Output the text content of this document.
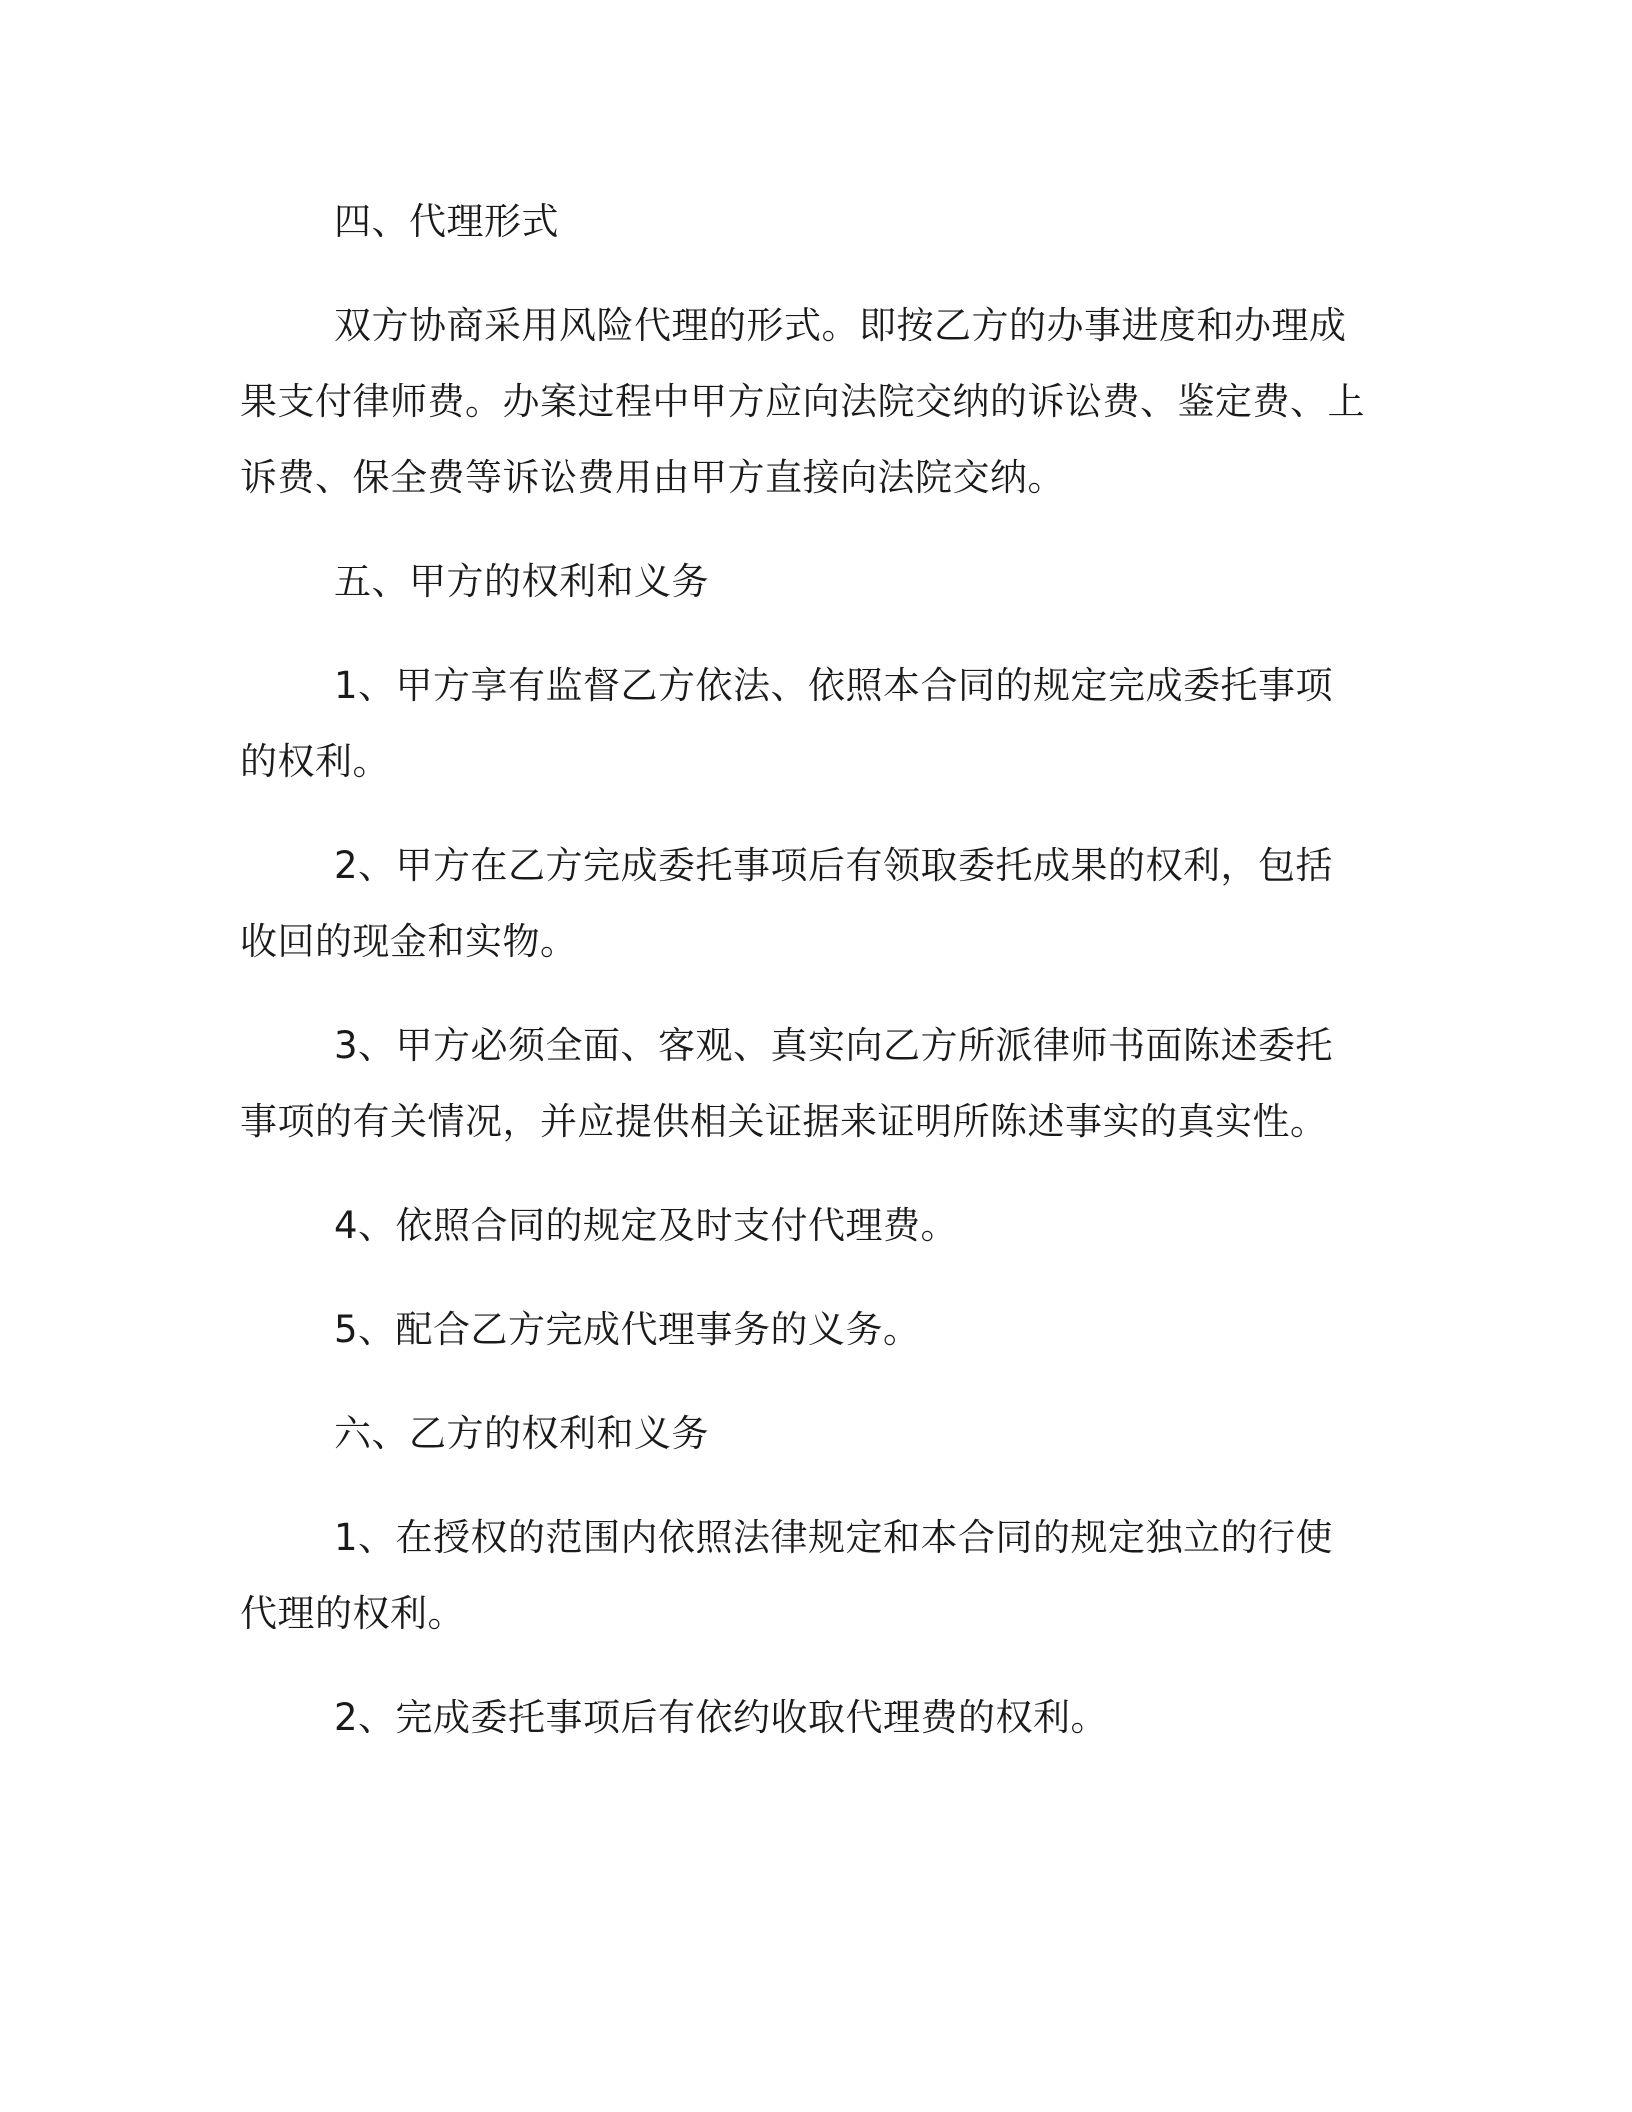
四、代理形式

双方协商采用风险代理的形式。即按乙方的办事进度和办理成果支付律师费。办案过程中甲方应向法院交纳的诉讼费、鉴定费、上诉费、保全费等诉讼费用由甲方直接向法院交纳。

五、甲方的权利和义务

1、甲方享有监督乙方依法、依照本合同的规定完成委托事项的权利。

2、甲方在乙方完成委托事项后有领取委托成果的权利，包括收回的现金和实物。

3、甲方必须全面、客观、真实向乙方所派律师书面陈述委托事项的有关情况，并应提供相关证据来证明所陈述事实的真实性。

4、依照合同的规定及时支付代理费。

5、配合乙方完成代理事务的义务。

六、乙方的权利和义务

1、在授权的范围内依照法律规定和本合同的规定独立的行使代理的权利。

2、完成委托事项后有依约收取代理费的权利。
